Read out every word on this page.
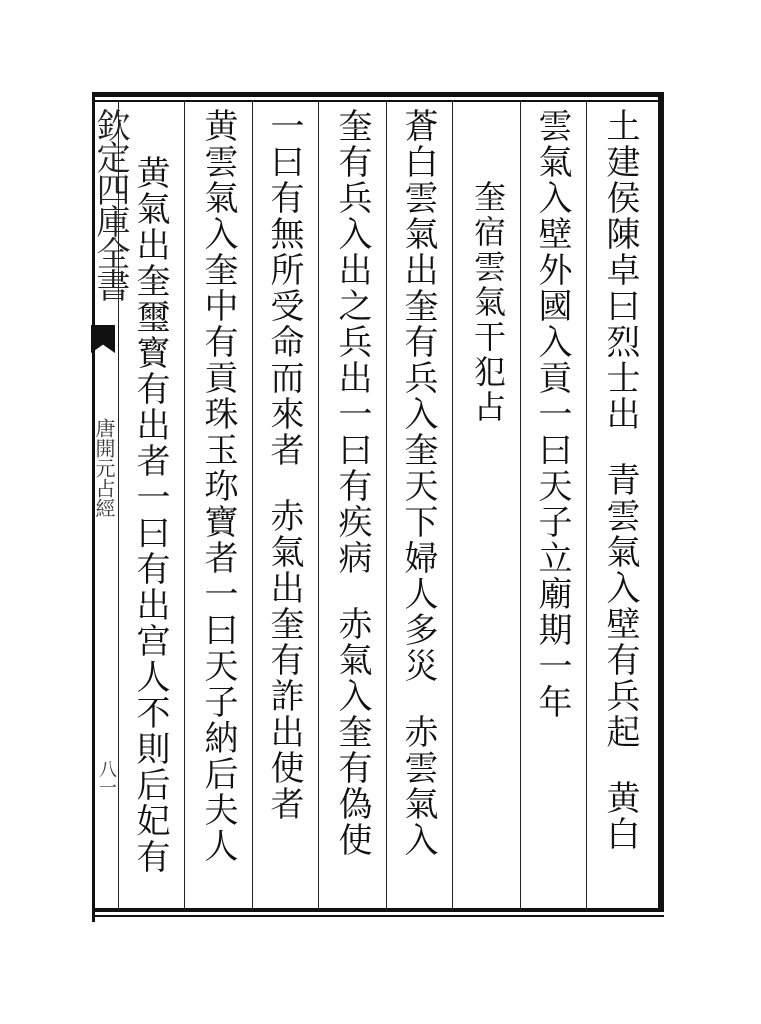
欽定四庫全書
唐開元占經
八一
土建侯陳卓曰烈士出青雲氣入壁有兵起黄白
雲氣入壁外國入貢一曰天子立廟期一年
奎宿雲氣干犯占
蒼白雲氣出奎有兵入奎天下婦人多災赤雲氣入
奎有兵入出之兵出一曰有疾病赤氣入奎有偽使
一曰有無所受命而來者赤氣出奎有詐出使者
黄雲氣入奎中有貢珠玉珎寶者一曰天子納后夫人
黄氣出奎璽寳有出者一曰有出宫人不則后妃有
